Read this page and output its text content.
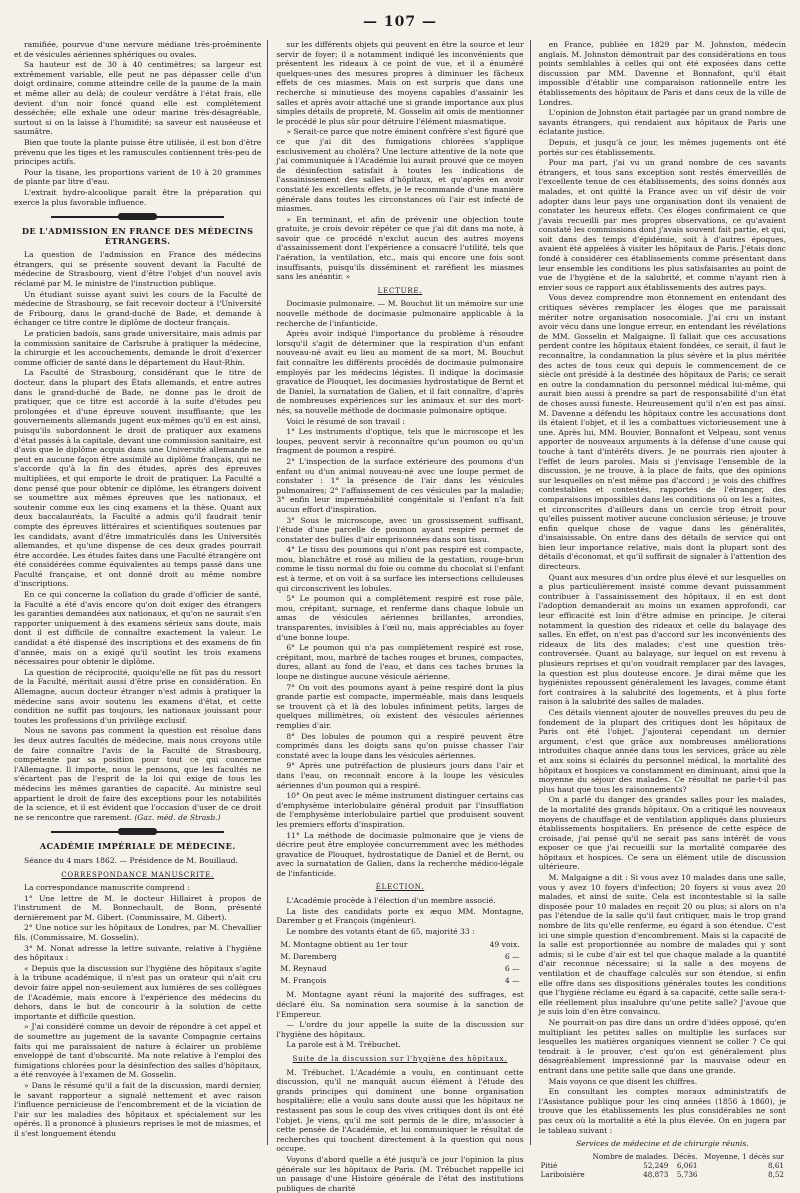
— 107 —

ramifiée, pourvue d'une nervure médiane très-proéminente et de vésicules aériennes sphériques ou ovales.

Sa hauteur est de 30 à 40 centimètres; sa largeur est extrêmement variable, elle peut ne pas dépasser celle d'un doigt ordinaire, comme atteindre celle de la paume de la main et même aller au delà; de couleur verdâtre à l'état frais, elle devient d'un noir foncé quand elle est complétement desséchée; elle exhale une odeur marine très-désagréable, surtout si on la laisse à l'humidité; sa saveur est nauséeuse et saumâtre.

Bien que toute la plante puisse être utilisée, il est bon d'être prévenu que les tiges et les ramuscules contiennent très-peu de principes actifs.

Pour la tisane, les proportions varient de 10 à 20 grammes de plante par litre d'eau.

L'extrait hydro-alcoolique paraît être la préparation qui exerce la plus favorable influence.

DE L'ADMISSION EN FRANCE DES MÉDECINS ÉTRANGERS.

La question de l'admission en France des médecins étrangers, qui se présente souvent devant la Faculté de médecine de Strasbourg, vient d'être l'objet d'un nouvel avis réclamé par M. le ministre de l'instruction publique.

Un étudiant suisse ayant suivi les cours de la Faculté de médecine de Strasbourg, se fait recevoir docteur à l'Université de Fribourg, dans le grand-duché de Bade, et demande à échanger ce titre contre le diplôme de docteur français.

Le praticien badois, sans grade universitaire, mais admis par la commission sanitaire de Carlsruhe à pratiquer la médecine, la chirurgie et les accouchements, demande le droit d'exercer comme officier de santé dans le département du Haut-Rhin.

La Faculté de Strasbourg, considérant que le titre de docteur, dans la plupart des États allemands, et entre autres dans le grand-duché de Bade, ne donne pas le droit de pratiquer, que ce titre est accordé à la suite d'études peu prolongées et d'une épreuve souvent insuffisante; que les gouvernements allemands jugent eux-mêmes qu'il en est ainsi, puisqu'ils subordonnent le droit de pratiquer aux examens d'état passés à la capitale, devant une commission sanitaire, est d'avis que le diplôme acquis dans une Université allemande ne peut en aucune façon être assimilé au diplôme français, qui ne s'accorde qu'à la fin des études, après des épreuves multipliées, et qui emporte le droit de pratiquer. La Faculté a donc pensé que pour obtenir ce diplôme, les étrangers doivent se soumettre aux mêmes épreuves que les nationaux, et soutenir comme eux les cinq examens et la thèse. Quant aux deux baccalauréats, la Faculté a admis qu'il faudrait tenir compte des épreuves littéraires et scientifiques soutenues par les candidats, avant d'être immatriculés dans les Universités allemandes, et qu'une dispense de ces deux grades pourrait être accordée. Les études faites dans une Faculté étrangère ont été considérées comme équivalentes au temps passé dans une Faculté française, et ont donné droit au même nombre d'inscriptions.

En ce qui concerne la collation du grade d'officier de santé, la Faculté a été d'avis encore qu'on doit exiger des étrangers les garanties demandées aux nationaux, et qu'on ne saurait s'en rapporter uniquement à des examens sérieux sans doute, mais dont il est difficile de connaître exactement la valeur. Le candidat a été dispensé des inscriptions et des examens de fin d'année, mais on a exigé qu'il soutînt les trois examens nécessaires pour obtenir le diplôme.

La question de réciprocité, quoiqu'elle ne fût pas du ressort de la Faculté, méritait aussi d'être prise en considération. En Allemagne, aucun docteur étranger n'est admis à pratiquer la médecine sans avoir soutenu les examens d'état, et cette condition ne suffit pas toujours, les nationaux jouissant pour toutes les professions d'un privilège exclusif.

Nous ne savons pas comment la question est résolue dans les deux autres facultés de médecine, mais nous croyons utile de faire connaître l'avis de la Faculté de Strasbourg, compétente par sa position pour tout ce qui concerne l'Allemagne. Il importe, nous le pensons, que les facultés ne s'écartent pas de l'esprit de la loi qui exige de tous les médecins les mêmes garanties de capacité. Au ministre seul appartient le droit de faire des exceptions pour les notabilités de la science, et il est évident que l'occasion d'user de ce droit ne se rencontre que rarement. (Gaz. méd. de Strasb.)

ACADÉMIE IMPÉRIALE DE MÉDECINE.

Séance du 4 mars 1862. — Présidence de M. Bouillaud.

CORRESPONDANCE MANUSCRITE.

La correspondance manuscrite comprend :

1° Une lettre de M. le docteur Hillairet à propos de l'instrument de M. Bonnechault, de Bonn, présenté dernièrement par M. Gibert. (Commissaire, M. Gibert).

2° Une notice sur les hôpitaux de Londres, par M. Chevallier fils. (Commissaire, M. Gosselin).

3° M. Nonat adresse la lettre suivante, relative à l'hygiène des hôpitaux :

« Depuis que la discussion sur l'hygiène des hôpitaux s'agite à la tribune académique, il n'est pas un orateur qui n'ait cru devoir faire appel non-seulement aux lumières de ses collègues de l'Académie, mais encore à l'expérience des médecins du dehors, dans le but de concourir à la solution de cette importante et difficile question.

» J'ai considéré comme un devoir de répondre à cet appel et de soumettre au jugement de la savante Compagnie certains faits qui me paraissaient de nature à éclairer un problème enveloppé de tant d'obscurité. Ma note relative à l'emploi des fumigations chlorées pour la désinfection des salles d'hôpitaux, a été renvoyée à l'examen de M. Gosselin.

» Dans le résumé qu'il a fait de la discussion, mardi dernier, le savant rapporteur a signalé nettement et avec raison l'influence pernicieuse de l'encombrement et de la viciation de l'air sur les maladies des hôpitaux et spécialement sur les opérés. Il a prononcé à plusieurs reprises le mot de miasmes, et il s'est longuement étendu

sur les différents objets qui peuvent en être la source et leur servir de foyer; il a notamment indiqué les inconvénients que présentent les rideaux à ce point de vue, et il a énuméré quelques-unes des mesures propres à diminuer les fâcheux effets de ces miasmes. Mais on est surpris que dans une recherche si minutieuse des moyens capables d'assainir les salles et après avoir attaché une si grande importance aux plus simples détails de propreté, M. Gosselin ait omis de mentionner le procédé le plus sûr pour détruire l'élément miasmatique.

» Serait-ce parce que notre éminent confrère s'est figuré que ce que j'ai dit des fumigations chlorées s'applique exclusivement au choléra? Une lecture attentive de la note que j'ai communiquée à l'Académie lui aurait prouvé que ce moyen de désinfection satisfait à toutes les indications de l'assainissement des salles d'hôpitaux, et qu'après en avoir constaté les excellents effets, je le recommande d'une manière générale dans toutes les circonstances où l'air est infecté de miasmes.

» En terminant, et afin de prévenir une objection toute gratuite, je crois devoir répéter ce que j'ai dit dans ma note, à savoir que ce procédé n'exclut aucun des autres moyens d'assainissement dont l'expérience a consacré l'utilité, tels que l'aération, la ventilation, etc., mais qui encore une fois sont insuffisants, puisqu'ils disséminent et raréfient les miasmes sans les anéantir. »

LECTURE.

Docimasie pulmonaire. — M. Bouchut lit un mémoire sur une nouvelle méthode de docimasie pulmonaire applicable à la recherche de l'infanticide.

Après avoir indiqué l'importance du problème à résoudre lorsqu'il s'agit de déterminer que la respiration d'un enfant nouveau-né avait eu lieu au moment de sa mort, M. Bouchut fait connaître les différents procédés de docimasie pulmonaire employés par les médecins légistes. Il indique la docimasie gravatice de Plouquet, les docimasies hydrostatique de Bernt et de Daniel, la surnatation de Galien, et il fait connaître, d'après de nombreuses expériences sur les animaux et sur des mort-nés, sa nouvelle méthode de docimasie pulmonaire optique.

Voici le résumé de son travail :

1° Les instruments d'optique, tels que le microscope et les loupes, peuvent servir à reconnaître qu'un poumon ou qu'un fragment de poumon a respiré.

2° L'inspection de la surface extérieure des poumons d'un enfant ou d'un animal nouveau-né avec une loupe permet de constater : 1° la présence de l'air dans les vésicules pulmonaires; 2° l'affaissement de ces vésicules par la maladie; 3° enfin leur imperméabilité congénitale si l'enfant n'a fait aucun effort d'inspiration.

3° Sous le microscope, avec un grossissement suffisant, l'étude d'une parcelle de poumon ayant respiré permet de constater des bulles d'air emprisonnées dans son tissu.

4° Le tissu des poumons qui n'ont pas respiré est compacte, mou, blanchâtre et rosé au milieu de la gestation, rouge-brun comme le tissu normal du foie ou comme du chocolat si l'enfant est à terme, et on voit à sa surface les intersections celluleuses qui circonscrivent les lobules.

5° Le poumon qui a complétement respiré est rose pâle, mou, crépitant, surnage, et renferme dans chaque lobule un amas de vésicules aériennes brillantes, arrondies, transparentes, invisibles à l'œil nu, mais appréciables au foyer d'une bonne loupe.

6° Le poumon qui n'a pas complétement respiré est rose, crépitant, mou, marbré de taches rouges et brunes, compactes, dures, allant au fond de l'eau, et dans ces taches brunes la loupe ne distingue aucune vésicule aérienne.

7° On voit des poumons ayant à peine respiré dont la plus grande partie est compacte, imperméable, mais dans lesquels se trouvent çà et là des lobules infiniment petits, larges de quelques millimètres, où existent des vésicules aériennes remplies d'air.

8° Des lobules de poumon qui a respiré peuvent être comprimés dans les doigts sans qu'on puisse chasser l'air constaté avec la loupe dans les vésicules aériennes.

9° Après une putréfaction de plusieurs jours dans l'air et dans l'eau, on reconnaît encore à la loupe les vésicules aériennes d'un poumon qui a respiré.

10° On peut avec le même instrument distinguer certains cas d'emphysème interlobulaire général produit par l'insufflation de l'emphysème interlobulaire partiel que produisent souvent les premiers efforts d'inspiration.

11° La méthode de docimasie pulmonaire que je viens de décrire peut être employée concurremment avec les méthodes gravatice de Plouquet, hydrostatique de Daniel et de Bernt, ou avec la surnatation de Galien, dans la recherche médico-légale de l'infanticide.

ÉLECTION.

L'Académie procède à l'élection d'un membre associé.

La liste des candidats porte ex æquo MM. Montagne, Darember g et François (ingénieur).

Le nombre des votants étant de 65, majorité 33 :

M. Montagne obtient au 1er tour	49 voix.
M. Daremberg	6 —
M. Reynaud	6 —
M. François	4 —

M. Montagne ayant réuni la majorité des suffrages, est déclaré élu. Sa nomination sera soumise à la sanction de l'Empereur.

— L'ordre du jour appelle la suite de la discussion sur l'hygiène des hôpitaux.

La parole est à M. Trébuchet.

Suite de la discussion sur l'hygiène des hôpitaux.

M. Trébuchet. L'Académie a voulu, en continuant cette discussion, qu'il ne manquât aucun élément à l'étude des grands principes qui dominent une bonne organisation hospitalière; elle a voulu sans doute aussi que les hôpitaux ne restassent pas sous le coup des vives critiques dont ils ont été l'objet. Je viens, qu'il me soit permis de le dire, m'associer à cette pensée de l'Académie, et lui communiquer le résultat de recherches qui touchent directement à la question qui nous occupe.

Voyons d'abord quelle a été jusqu'à ce jour l'opinion la plus générale sur les hôpitaux de Paris. (M. Trébuchet rappelle ici un passage d'une Histoire générale de l'état des institutions publiques de charité

en France, publiée en 1829 par M. Johnston, médecin anglais. M. Johnston démontrait par des considérations en tous points semblables à celles qui ont été exposées dans cette discussion par MM. Davenne et Bonnafont, qu'il était impossible d'établir une comparaison rationnelle entre les établissements des hôpitaux de Paris et dans ceux de la ville de Londres.

L'opinion de Johnston était partagée par un grand nombre de savants étrangers, qui rendaient aux hôpitaux de Paris une éclatante justice.

Depuis, et jusqu'à ce jour, les mêmes jugements ont été portés sur ces établissements.

Pour ma part, j'ai vu un grand nombre de ces savants étrangers, et tous sans exception sont restés émerveillés de l'excellente tenue de ces établissements, des soins donnés aux malades, et ont quitté la France avec un vif désir de voir adopter dans leur pays une organisation dont ils venaient de constater les heureux effets. Ces éloges confirmaient ce que j'avais recueilli par mes propres observations, ce qu'avaient constaté les commissions dont j'avais souvent fait partie, et qui, soit dans des temps d'épidémie, soit à d'autres époques, avaient été appelées à visiter les hôpitaux de Paris. J'étais donc fondé à considérer ces établissements comme présentant dans leur ensemble les conditions les plus satisfaisantes au point de vue de l'hygiène et de la salubrité, et comme n'ayant rien à envier sous ce rapport aux établissements des autres pays.

Vous devez comprendre mon étonnement en entendant des critiques sévères remplacer les éloges que me paraissait mériter notre organisation nosocomiale. J'ai cru un instant avoir vécu dans une longue erreur, en entendant les révélations de MM. Gosselin et Malgaigne. Il fallait que ces accusations perdent contre les hôpitaux étaient fondées, ce serait, il faut le reconnaître, la condamnation la plus sévère et la plus méritée des actes de tous ceux qui depuis le commencement de ce siècle ont présidé à la destinée des hôpitaux de Paris; ce serait en outre la condamnation du personnel médical lui-même, qui aurait bien aussi à prendre sa part de responsabilité d'un état de choses aussi funeste. Heureusement qu'il n'en est pas ainsi. M. Davenne a défendu les hôpitaux contre les accusations dont ils étaient l'objet, et il les a combattues victorieusement une à une. Après lui, MM. Bouvier, Bonnafont et Velpeau, sont venus apporter de nouveaux arguments à la défense d'une cause qui touche à tant d'intérêts divers. Je ne pourrais rien ajouter à l'effet de leurs paroles. Mais si j'envisage l'ensemble de la discussion, je ne trouve, à la place de faits, que des opinions sur lesquelles on n'est même pas d'accord ; je vois des chiffres contestables et contestés, rapportés de l'étranger, des comparaisons impossibles dans les conditions où on les a faites, et circonscrites d'ailleurs dans un cercle trop étroit pour qu'elles puissent motiver aucune conclusion sérieuse; je trouve enfin quelque chose de vague dans les généralités, d'insaisissable. On entre dans des détails de service qui ont bien leur importance relative, mais dont la plupart sont des détails d'économat, et qu'il suffirait de signaler à l'attention des directeurs.

Quant aux mesures d'un ordre plus élevé et sur lesquelles on a plus particulièrement insisté comme devant puissamment contribuer à l'assainissement des hôpitaux, il en est dont l'adoption demanderait au moins un examen approfondi, car leur efficacité est loin d'être admise en principe. Je citerai notamment la question des rideaux et celle du balayage des salles. En effet, on n'est pas d'accord sur les inconvénients des rideaux de lits des malades; c'est une question très-controversée. Quant au balayage, sur lequel on est revenu à plusieurs reprises et qu'on voudrait remplacer par des lavages, la question est plus douteuse encore. Je dirai même que les hygiénistes repoussent généralement les lavages, comme étant fort contraires à la salubrité des logements, et à plus forte raison à la salubrité des salles de malades.

Ces détails viennent ajouter de nouvelles preuves du peu de fondement de la plupart des critiques dont les hôpitaux de Paris ont été l'objet. J'ajouterai cependant un dernier argument, c'est que grâce aux nombreuses améliorations introduites chaque année dans tous les services, grâce au zèle et aux soins si éclairés du personnel médical, la mortalité des hôpitaux et hospices va constamment en diminuant, ainsi que la moyenne du séjour des malades. Ce résultat ne parle-t-il pas plus haut que tous les raisonnements?

On a parlé du danger des grandes salles pour les malades, de la mortalité des grands hôpitaux. On a critiqué les nouveaux moyens de chauffage et de ventilation appliqués dans plusieurs établissements hospitaliers. En présence de cette espèce de croisade, j'ai pensé qu'il ne serait pas sans intérêt de vous exposer ce que j'ai recueilli sur la mortalité comparée des hôpitaux et hospices. Ce sera un élément utile de discussion ultérieure.

M. Malgaigne a dit : Si vous avez 10 malades dans une salle, vous y avez 10 foyers d'infection; 20 foyers si vous avez 20 malades, et ainsi de suite. Cela est incontestable si la salle disposée pour 10 malades en reçoit 20 ou plus; si alors on n'a pas l'étendue de la salle qu'il faut critiquer, mais le trop grand nombre de lits qu'elle renferme, eu égard à son étendue. C'est ici une simple question d'encombrement. Mais si la capacité de la salle est proportionnée au nombre de malades qui y sont admis; si le cube d'air est tel que chaque malade a la quantité d'air reconnue nécessaire; si la salle a des moyens de ventilation et de chauffage calculés sur son étendue, si enfin elle offre dans ses dispositions générales toutes les conditions que l'hygiène réclame eu égard à sa capacité, cette salle sera-t-elle réellement plus insalubre qu'une petite salle? J'avoue que je suis loin d'en être convaincu.

Ne pourrait-on pas dire dans un ordre d'idées opposé, qu'en multipliant les petites salles on multiplie les surfaces sur lesquelles les matières organiques viennent se coller ? Ce qui tendrait à le prouver, c'est qu'on est généralement plus désagréablement impressionné par la mauvaise odeur en entrant dans une petite salle que dans une grande.

Mais voyons ce que disent les chiffres.

En consultant les comptes moraux administratifs de l'Assistance publique pour les cinq années (1856 à 1860), je trouve que les établissements les plus considérables ne sont pas ceux où la mortalité a été la plus élevée. On en jugera par le tableau suivant :

Services de médecine et de chirurgie réunis.
	Nombre de malades.	Décès.	Moyenne, 1 décès sur
Pitié	52,249	6,061	8,61
Lariboisière	48,873	5,736	8,52
